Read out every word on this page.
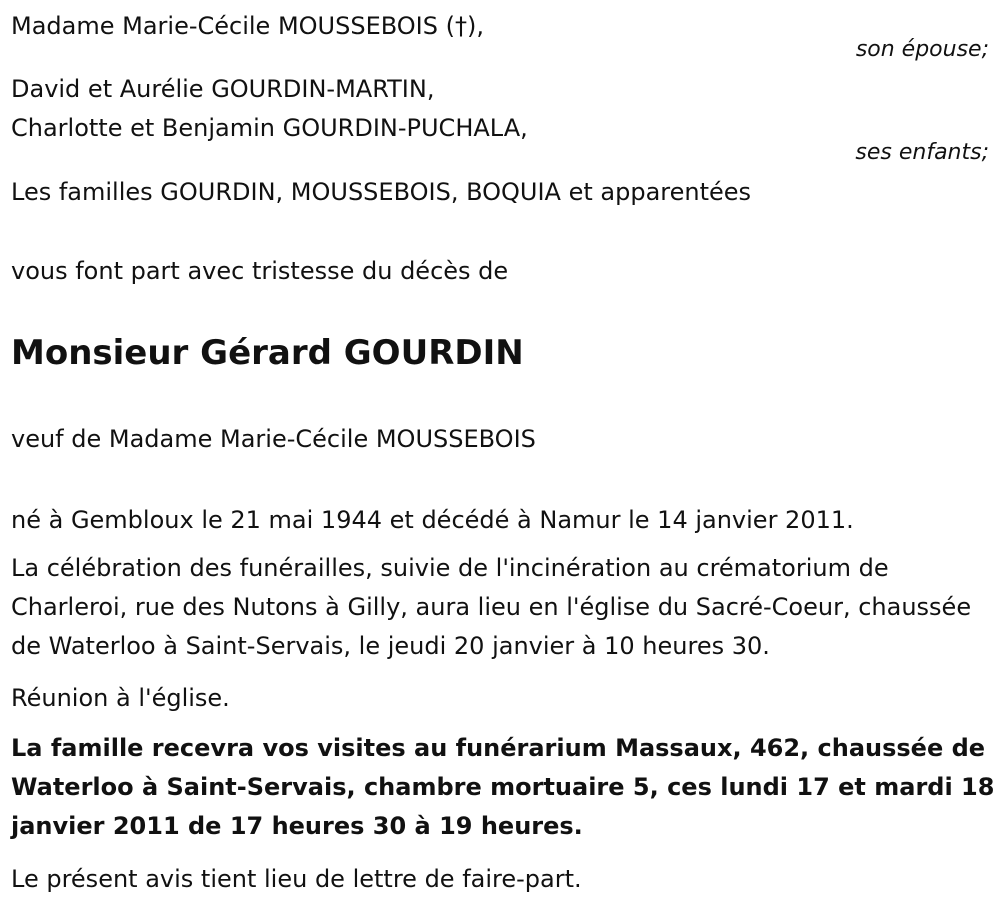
Madame Marie-Cécile MOUSSEBOIS (†),
son épouse;
David et Aurélie GOURDIN-MARTIN,
Charlotte et Benjamin GOURDIN-PUCHALA,
ses enfants;
Les familles GOURDIN, MOUSSEBOIS, BOQUIA et apparentées
vous font part avec tristesse du décès de
Monsieur Gérard GOURDIN
veuf de Madame Marie-Cécile MOUSSEBOIS
né à Gembloux le 21 mai 1944 et décédé à Namur le 14 janvier 2011.
La célébration des funérailles, suivie de l'incinération au crématorium de Charleroi, rue des Nutons à Gilly, aura lieu en l'église du Sacré-Coeur, chaussée de Waterloo à Saint-Servais, le jeudi 20 janvier à 10 heures 30.
Réunion à l'église.
La famille recevra vos visites au funérarium Massaux, 462, chaussée de Waterloo à Saint-Servais, chambre mortuaire 5, ces lundi 17 et mardi 18 janvier 2011 de 17 heures 30 à 19 heures.
Le présent avis tient lieu de lettre de faire-part.
